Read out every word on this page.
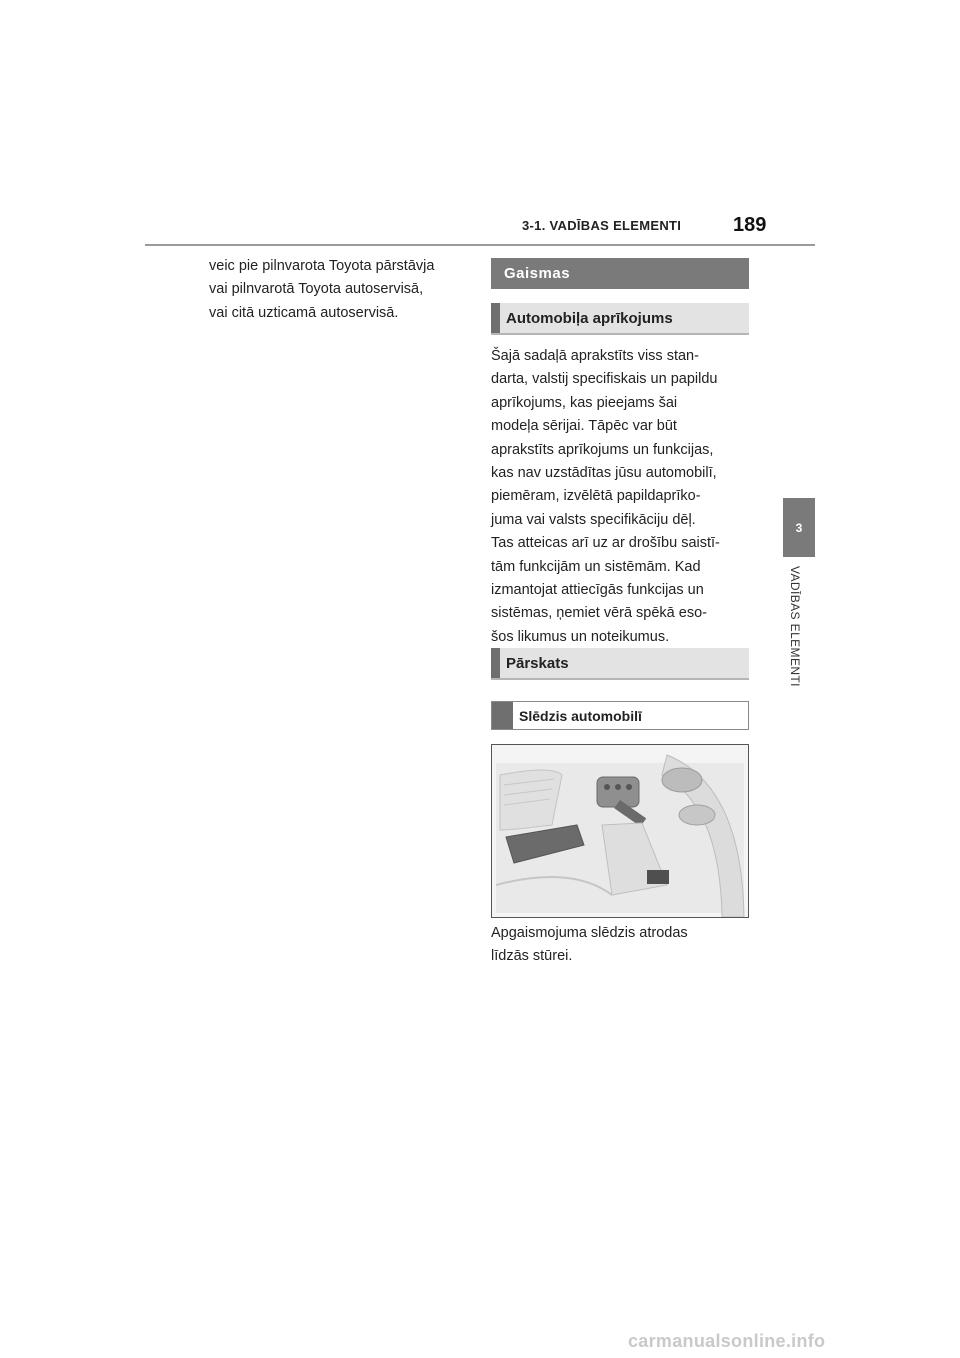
3-1. VADĪBAS ELEMENTI	189
3
VADĪBAS ELEMENTI
veic pie pilnvarota Toyota pārstāvja
vai pilnvarotā Toyota autoservisā,
vai citā uzticamā autoservisā.
Gaismas
Automobiļa aprīkojums
Šajā sadaļā aprakstīts viss stan-
darta, valstij specifiskais un papildu
aprīkojums, kas pieejams šai
modeļa sērijai. Tāpēc var būt
aprakstīts aprīkojums un funkcijas,
kas nav uzstādītas jūsu automobilī,
piemēram, izvēlētā papildaprīko-
juma vai valsts specifikāciju dēļ.
Tas atteicas arī uz ar drošību saistī-
tām funkcijām un sistēmām. Kad
izmantojat attiecīgās funkcijas un
sistēmas, ņemiet vērā spēkā eso-
šos likumus un noteikumus.
Pārskats
Slēdzis automobilī
Apgaismojuma slēdzis atrodas
līdzās stūrei.
carmanualsonline.info
